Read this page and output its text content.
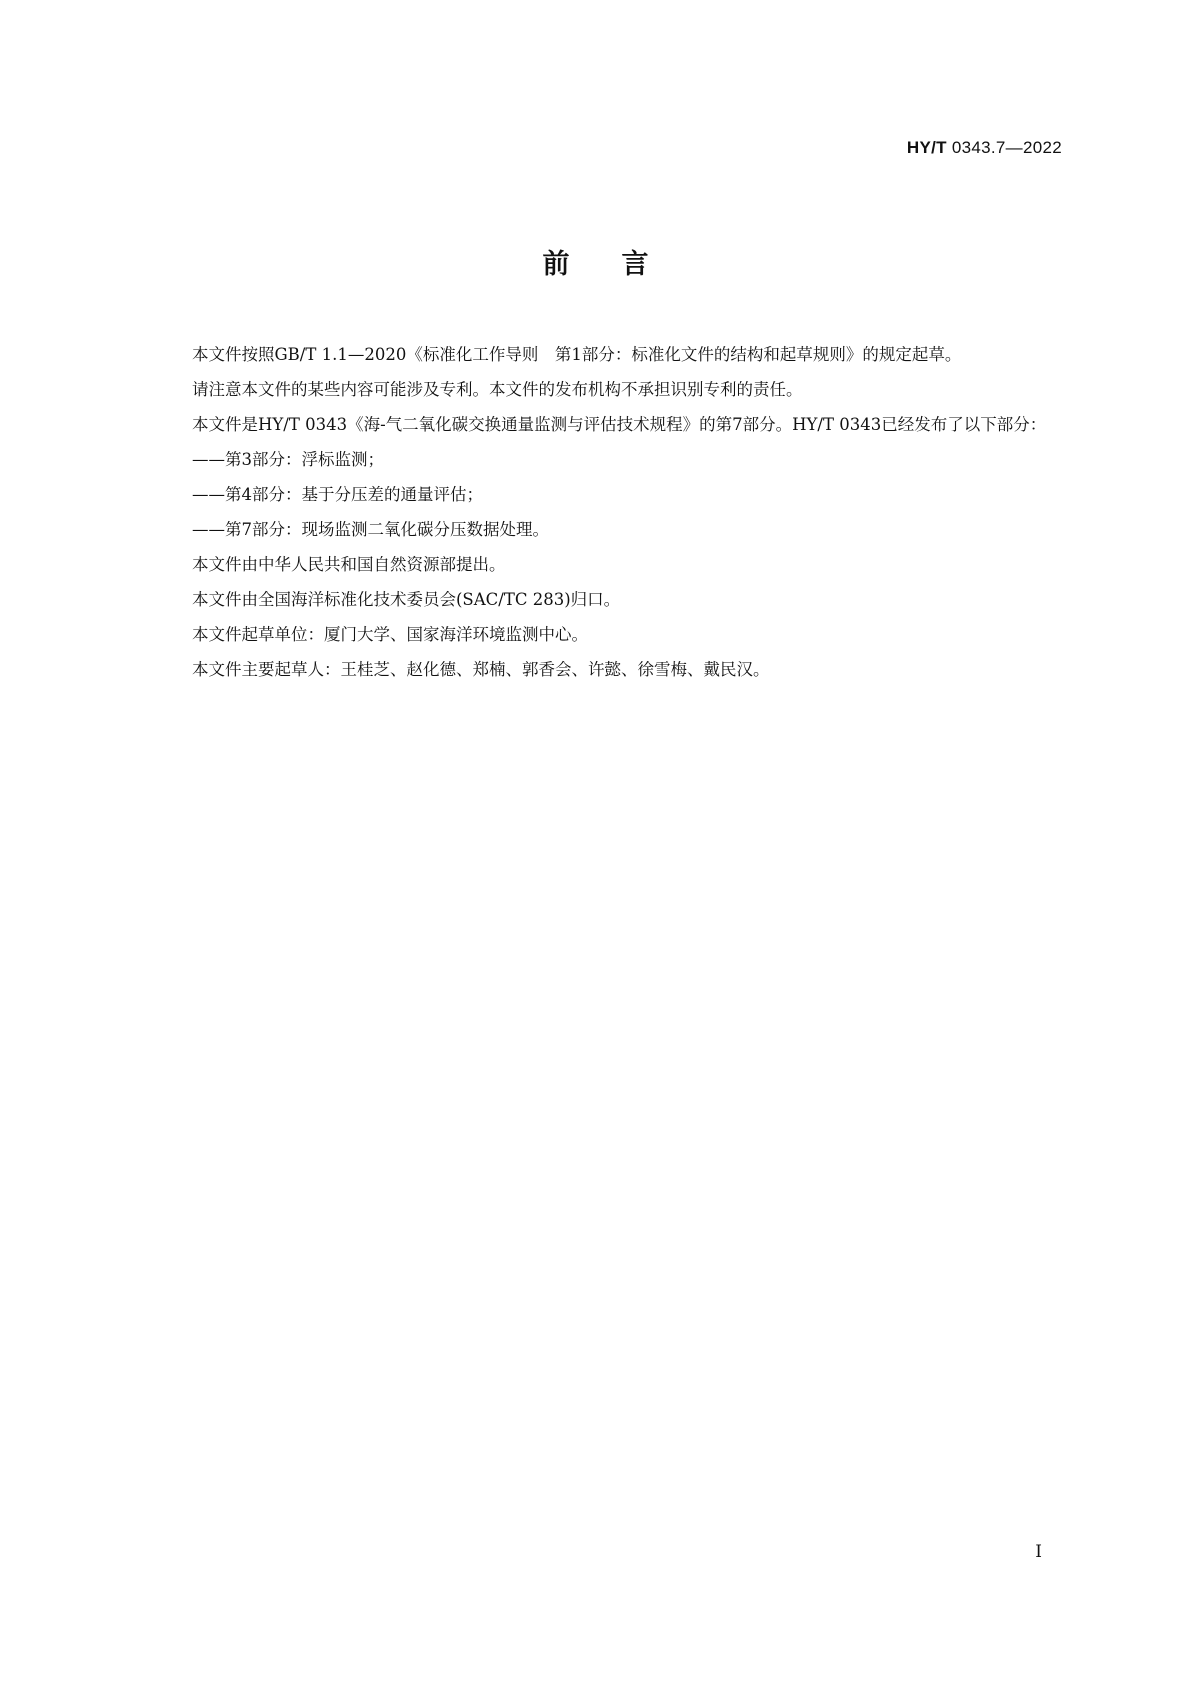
HY/T 0343.7—2022
前言

本文件按照GB/T 1.1—2020《标准化工作导则　第1部分：标准化文件的结构和起草规则》的规定起草。

请注意本文件的某些内容可能涉及专利。本文件的发布机构不承担识别专利的责任。

本文件是HY/T 0343《海-气二氧化碳交换通量监测与评估技术规程》的第7部分。HY/T 0343已经发布了以下部分：

——第3部分：浮标监测；

——第4部分：基于分压差的通量评估；

——第7部分：现场监测二氧化碳分压数据处理。

本文件由中华人民共和国自然资源部提出。

本文件由全国海洋标准化技术委员会(SAC/TC 283)归口。

本文件起草单位：厦门大学、国家海洋环境监测中心。

本文件主要起草人：王桂芝、赵化德、郑楠、郭香会、许懿、徐雪梅、戴民汉。

I
